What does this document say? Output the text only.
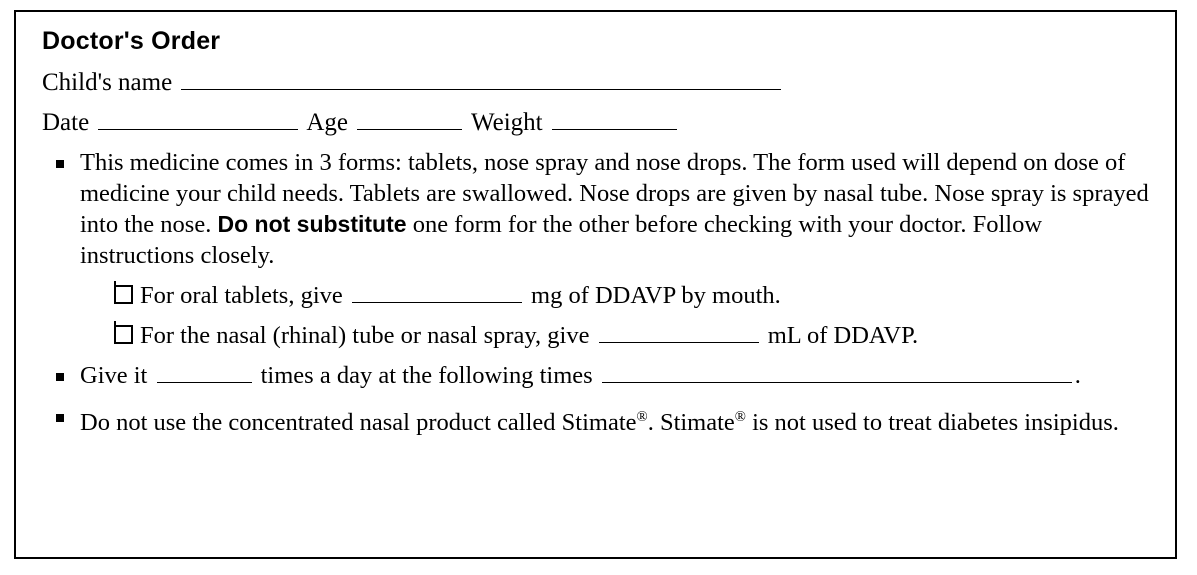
Doctor's Order
Child's name
Date	Age	Weight

This medicine comes in 3 forms: tablets, nose spray and nose drops. The form used will depend on dose of medicine your child needs. Tablets are swallowed. Nose drops are given by nasal tube. Nose spray is sprayed into the nose. Do not substitute one form for the other before checking with your doctor. Follow instructions closely.

For oral tablets, give	mg of DDAVP by mouth.
For the nasal (rhinal) tube or nasal spray, give	mL of DDAVP.
Give it	times a day at the following times	.

Do not use the concentrated nasal product called Stimate®. Stimate® is not used to treat diabetes insipidus.
